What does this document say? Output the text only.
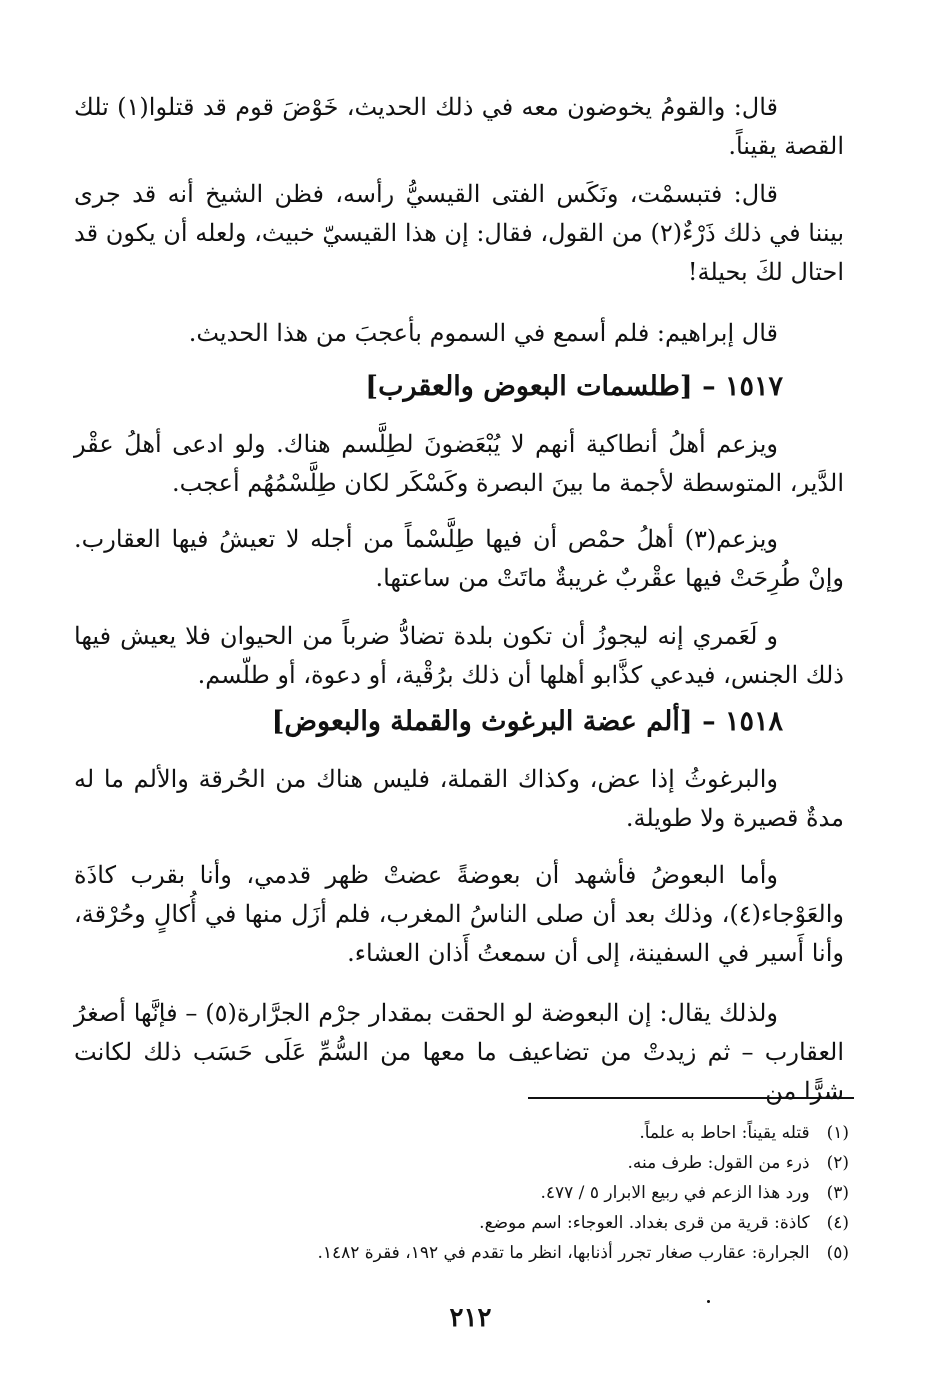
قال: والقومُ يخوضون معه في ذلك الحديث، خَوْضَ قوم قد قتلوا(١) تلك القصة يقيناً.

قال: فتبسمْت، ونَكَس الفتى القيسيُّ رأسه، فظن الشيخ أنه قد جرى بيننا في ذلك ذَرْءٌ(٢) من القول، فقال: إن هذا القيسيّ خبيث، ولعله أن يكون قد احتال لكَ بحيلة!

قال إبراهيم: فلم أسمع في السموم بأعجبَ من هذا الحديث.

١٥١٧ – [طلسمات البعوض والعقرب]

ويزعم أهلُ أنطاكية أنهم لا يُبْعَضونَ لطِلَّسم هناك. ولو ادعى أهلُ عقْر الدَّير، المتوسطة لأجمة ما بينَ البصرة وكَسْكَر لكان طِلَّسْمُهُم أعجب.

ويزعم(٣) أهلُ حمْص أن فيها طِلَّسْماً من أجله لا تعيشُ فيها العقارب. وإنْ طُرِحَتْ فيها عقْربٌ غريبةٌ ماتَتْ من ساعتها.

و لَعَمري إنه ليجوزُ أن تكون بلدة تضادُّ ضرباً من الحيوان فلا يعيش فيها ذلك الجنس، فيدعي كذَّابو أهلها أن ذلك برُقْية، أو دعوة، أو طلّسم.

١٥١٨ – [ألم عضة البرغوث والقملة والبعوض]

والبرغوثُ إذا عض، وكذاك القملة، فليس هناك من الحُرقة والألم ما له مدةٌ قصيرة ولا طويلة.

وأما البعوضُ فأشهد أن بعوضةً عضتْ ظهر قدمي، وأنا بقرب كاذَة والعَوْجاء(٤)، وذلك بعد أن صلى الناسُ المغرب، فلم أزَل منها في أُكالٍ وحُرْقة، وأنا أَسير في السفينة، إلى أن سمعتُ أَذان العشاء.

ولذلك يقال: إن البعوضة لو الحقت بمقدار جرْم الجرَّارة(٥) – فإنَّها أصغرُ العقارب – ثم زيدتْ من تضاعيف ما معها من السُّمِّ عَلَى حَسَب ذلك لكانت شرًّا من

(١) قتله يقيناً: احاط به علماً.

(٢) ذرء من القول: طرف منه.

(٣) ورد هذا الزعم في ربيع الابرار ٥ / ٤٧٧.

(٤) كاذة: قرية من قرى بغداد. العوجاء: اسم موضع.

(٥) الجرارة: عقارب صغار تجرر أذنابها، انظر ما تقدم في ١٩٢، فقرة ١٤٨٢.

٢١٢
